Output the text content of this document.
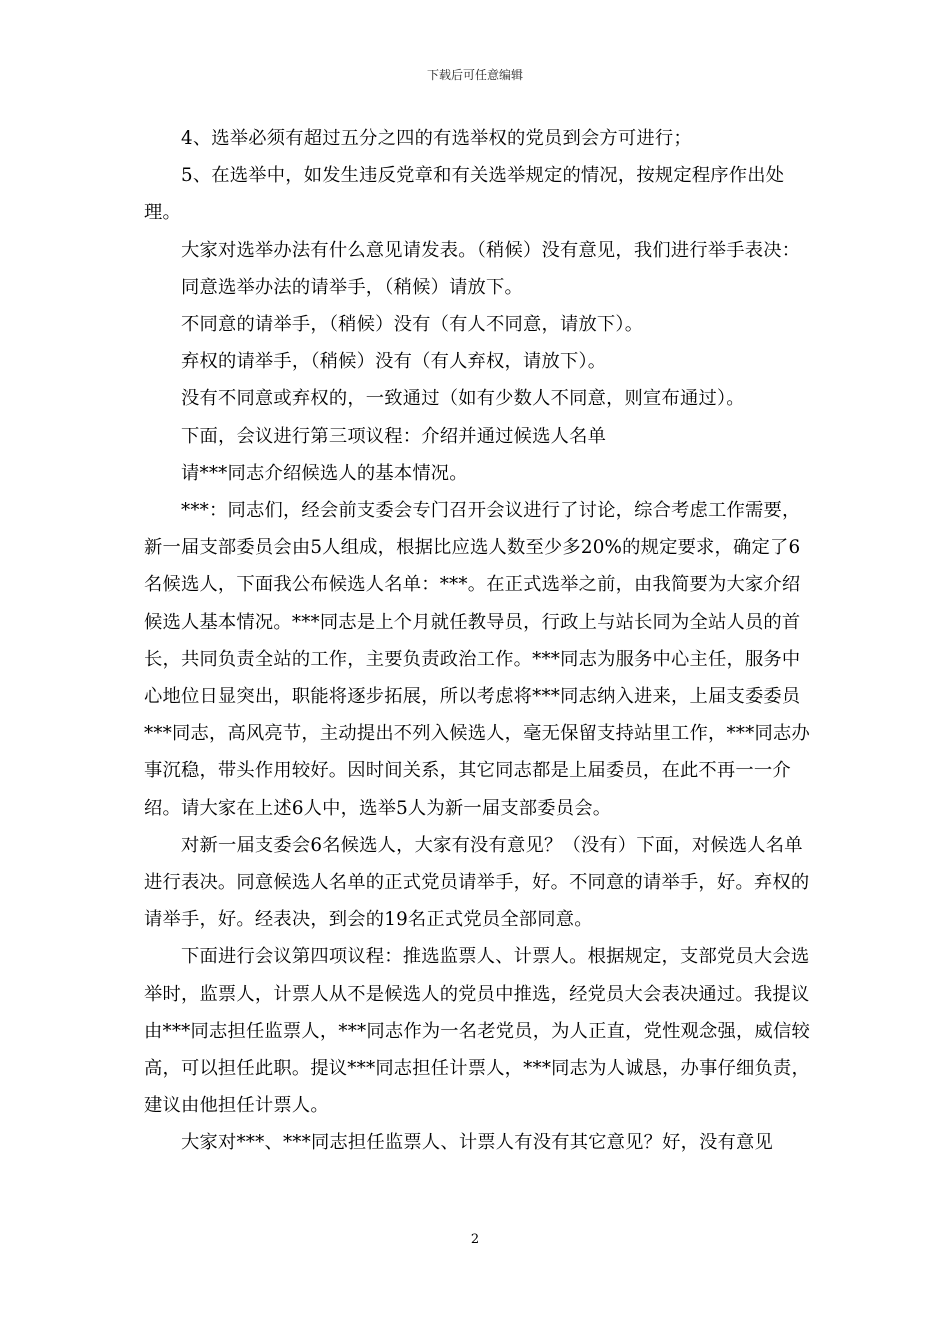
下载后可任意编辑

4、选举必须有超过五分之四的有选举权的党员到会方可进行；

5、在选举中，如发生违反党章和有关选举规定的情况，按规定程序作出处理。

大家对选举办法有什么意见请发表。（稍候）没有意见，我们进行举手表决：

同意选举办法的请举手，（稍候）请放下。

不同意的请举手，（稍候）没有（有人不同意，请放下）。

弃权的请举手，（稍候）没有（有人弃权，请放下）。

没有不同意或弃权的，一致通过（如有少数人不同意，则宣布通过）。

下面，会议进行第三项议程：介绍并通过候选人名单

请***同志介绍候选人的基本情况。

***：同志们，经会前支委会专门召开会议进行了讨论，综合考虑工作需要，新一届支部委员会由5人组成，根据比应选人数至少多20%的规定要求，确定了6名候选人，下面我公布候选人名单：***。在正式选举之前，由我简要为大家介绍候选人基本情况。***同志是上个月就任教导员，行政上与站长同为全站人员的首长，共同负责全站的工作，主要负责政治工作。***同志为服务中心主任，服务中心地位日显突出，职能将逐步拓展，所以考虑将***同志纳入进来，上届支委委员***同志，高风亮节，主动提出不列入候选人，毫无保留支持站里工作，***同志办事沉稳，带头作用较好。因时间关系，其它同志都是上届委员，在此不再一一介绍。请大家在上述6人中，选举5人为新一届支部委员会。

对新一届支委会6名候选人，大家有没有意见？（没有）下面，对候选人名单进行表决。同意候选人名单的正式党员请举手，好。不同意的请举手，好。弃权的请举手，好。经表决，到会的19名正式党员全部同意。

下面进行会议第四项议程：推选监票人、计票人。根据规定，支部党员大会选举时，监票人，计票人从不是候选人的党员中推选，经党员大会表决通过。我提议由***同志担任监票人，***同志作为一名老党员，为人正直，党性观念强，威信较高，可以担任此职。提议***同志担任计票人，***同志为人诚恳，办事仔细负责，建议由他担任计票人。

大家对***、***同志担任监票人、计票人有没有其它意见？好，没有意见

2
